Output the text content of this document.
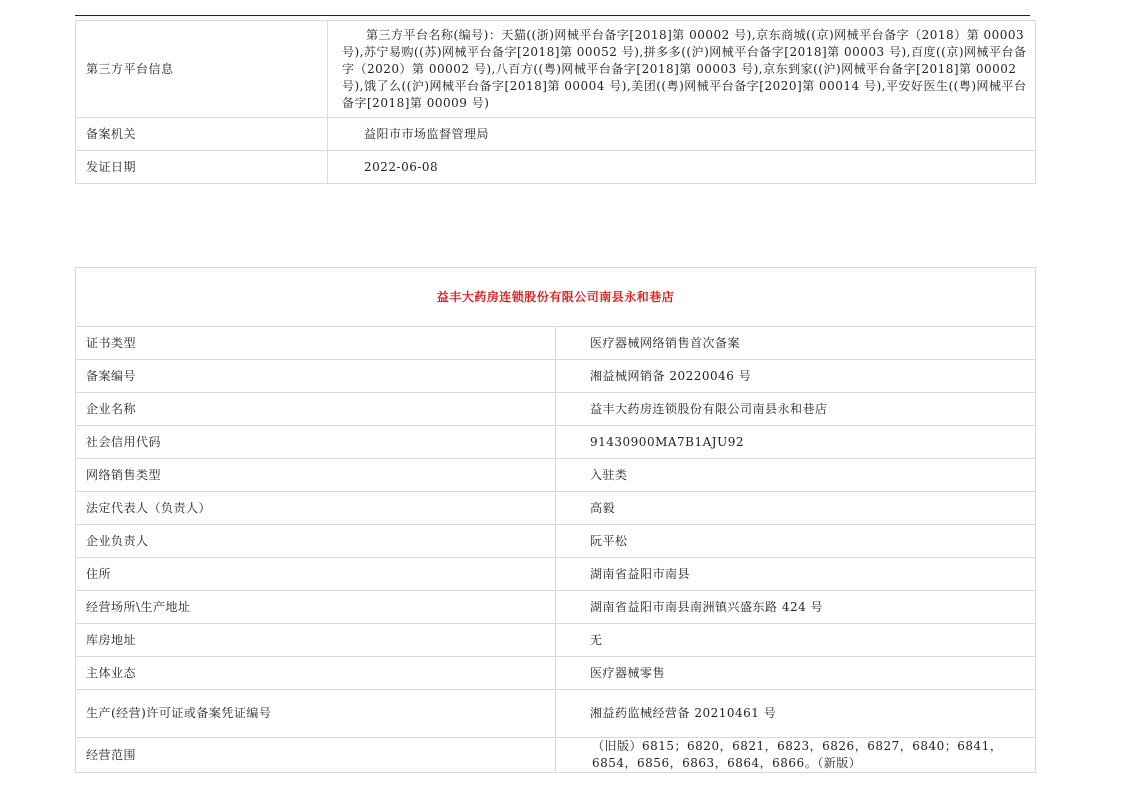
第三方平台信息	第三方平台名称(编号)：天猫((浙)网械平台备字[2018]第 00002 号),京东商城((京)网械平台备字（2018）第 00003 号),苏宁易购((苏)网械平台备字[2018]第 00052 号),拼多多((沪)网械平台备字[2018]第 00003 号),百度((京)网械平台备字（2020）第 00002 号),八百方((粤)网械平台备字[2018]第 00003 号),京东到家((沪)网械平台备字[2018]第 00002 号),饿了么((沪)网械平台备字[2018]第 00004 号),美团((粤)网械平台备字[2020]第 00014 号),平安好医生((粤)网械平台备字[2018]第 00009 号)
备案机关	益阳市市场监督管理局
发证日期	2022-06-08
益丰大药房连锁股份有限公司南县永和巷店	
证书类型	医疗器械网络销售首次备案
备案编号	湘益械网销备 20220046 号
企业名称	益丰大药房连锁股份有限公司南县永和巷店
社会信用代码	91430900MA7B1AJU92
网络销售类型	入驻类
法定代表人（负责人）	高毅
企业负责人	阮平松
住所	湖南省益阳市南县
经营场所\生产地址	湖南省益阳市南县南洲镇兴盛东路 424 号
库房地址	无
主体业态	医疗器械零售
生产(经营)许可证或备案凭证编号	湘益药监械经营备 20210461 号
经营范围	（旧版）6815；6820，6821，6823，6826，6827，6840；6841，6854，6856，6863，6864，6866。（新版）
